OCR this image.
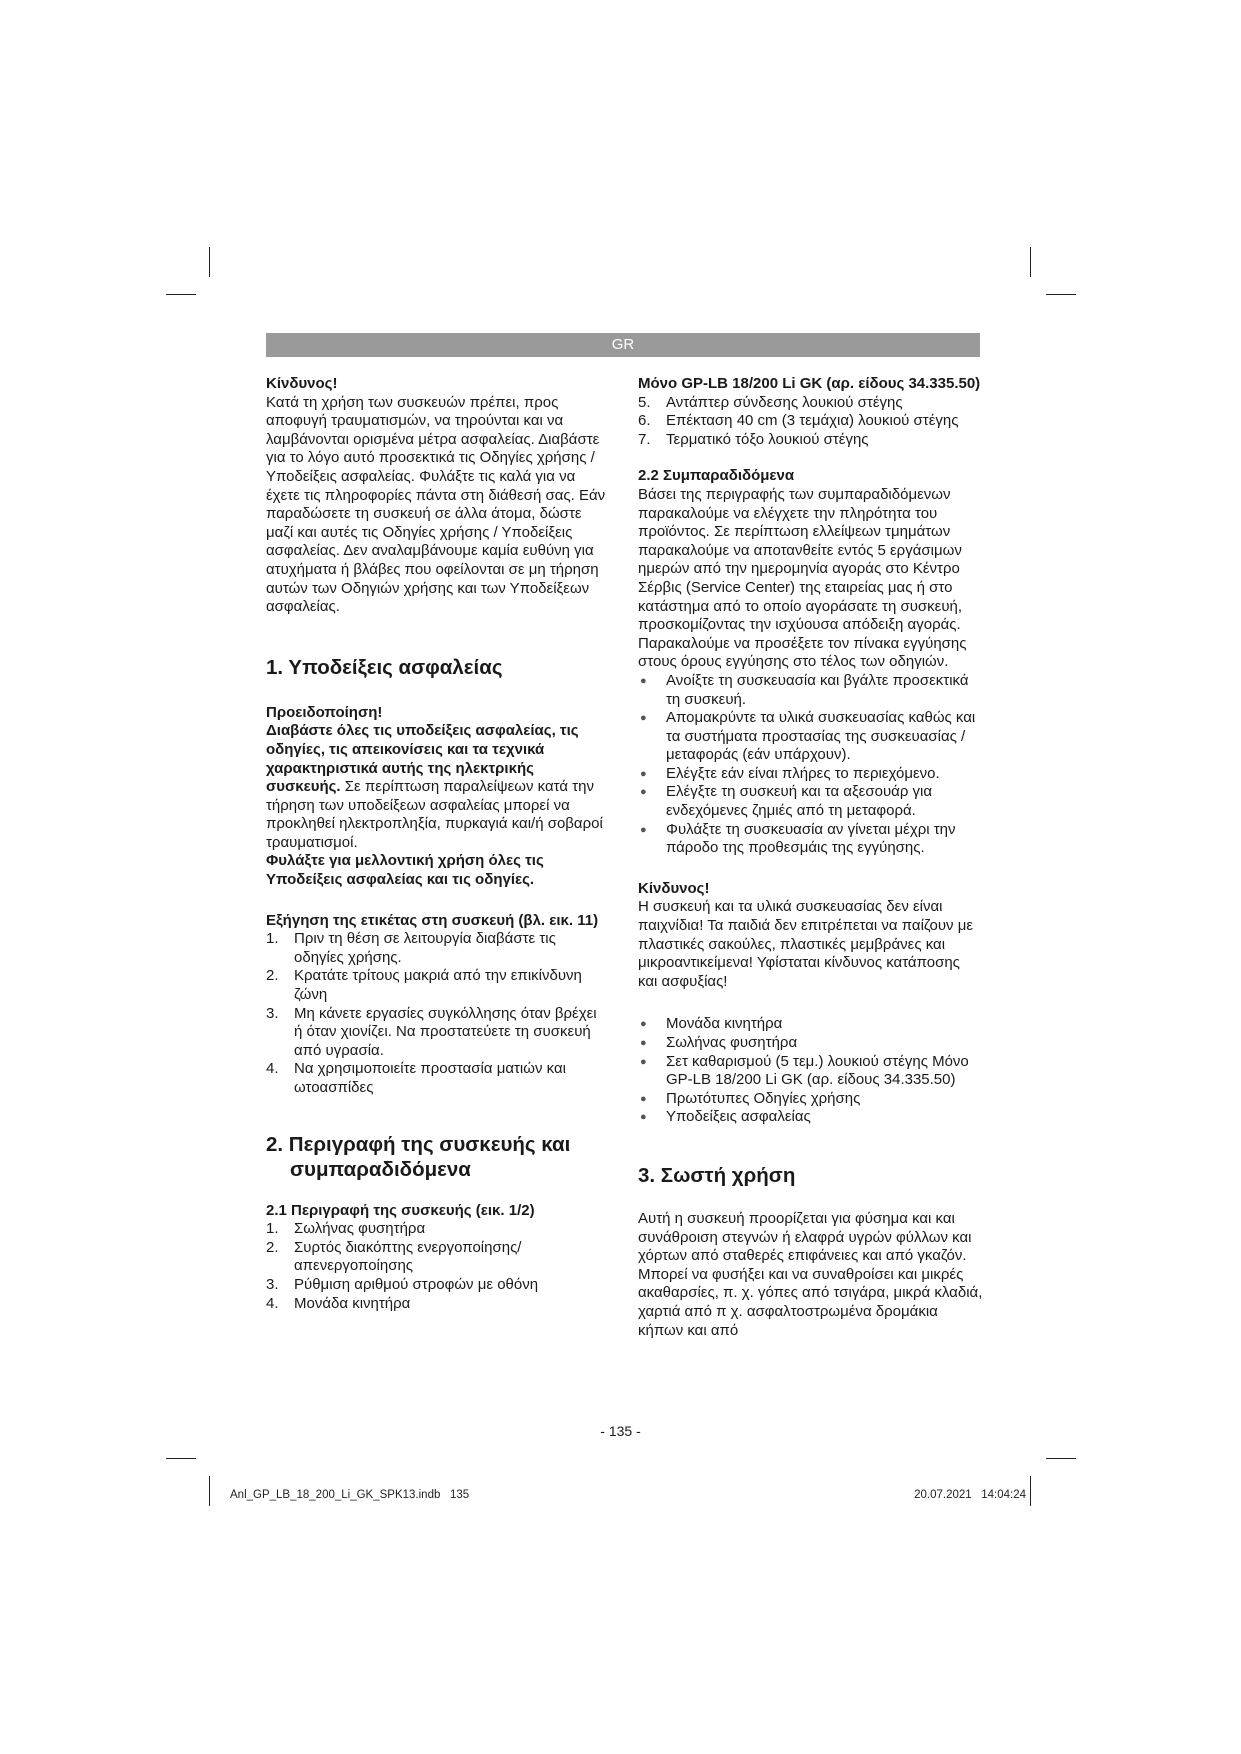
GR

Κίνδυνος!

Κατά τη χρήση των συσκευών πρέπει, προς αποφυγή τραυματισμών, να τηρούνται και να λαμβάνονται ορισμένα μέτρα ασφαλείας. Διαβάστε για το λόγο αυτό προσεκτικά τις Οδηγίες χρήσης / Υποδείξεις ασφαλείας. Φυλάξτε τις καλά για να έχετε τις πληροφορίες πάντα στη διάθεσή σας. Εάν παραδώσετε τη συσκευή σε άλλα άτομα, δώστε μαζί και αυτές τις Οδηγίες χρήσης / Υποδείξεις ασφαλείας. Δεν αναλαμβάνουμε καμία ευθύνη για ατυχήματα ή βλάβες που οφείλονται σε μη τήρηση αυτών των Οδηγιών χρήσης και των Υποδείξεων ασφαλείας.

1. Υποδείξεις ασφαλείας

Προειδοποίηση!

Διαβάστε όλες τις υποδείξεις ασφαλείας, τις οδηγίες, τις απεικονίσεις και τα τεχνικά χαρακτηριστικά αυτής της ηλεκτρικής συσκευής. Σε περίπτωση παραλείψεων κατά την τήρηση των υποδείξεων ασφαλείας μπορεί να προκληθεί ηλεκτροπληξία, πυρκαγιά και/ή σοβαροί τραυματισμοί.

Φυλάξτε για μελλοντική χρήση όλες τις Υποδείξεις ασφαλείας και τις οδηγίες.

Εξήγηση της ετικέτας στη συσκευή (βλ. εικ. 11)

1. Πριν τη θέση σε λειτουργία διαβάστε τις οδηγίες χρήσης.
2. Κρατάτε τρίτους μακριά από την επικίνδυνη ζώνη
3. Μη κάνετε εργασίες συγκόλλησης όταν βρέχει ή όταν χιονίζει. Να προστατεύετε τη συσκευή από υγρασία.
4. Να χρησιμοποιείτε προστασία ματιών και ωτοασπίδες
2. Περιγραφή της συσκευής και
συμπαραδιδόμενα

2.1 Περιγραφή της συσκευής (εικ. 1/2)

1. Σωλήνας φυσητήρα
2. Συρτός διακόπτης ενεργοποίησης/ απενεργοποίησης
3. Ρύθμιση αριθμού στροφών με οθόνη
4. Μονάδα κινητήρα

Μόνο GP-LB 18/200 Li GK (αρ. είδους 34.335.50)

5. Αντάπτερ σύνδεσης λουκιού στέγης
6. Επέκταση 40 cm (3 τεμάχια) λουκιού στέγης
7. Τερματικό τόξο λουκιού στέγης

2.2 Συμπαραδιδόμενα

Βάσει της περιγραφής των συμπαραδιδόμενων παρακαλούμε να ελέγχετε την πληρότητα του προϊόντος. Σε περίπτωση ελλείψεων τμημάτων παρακαλούμε να αποτανθείτε εντός 5 εργάσιμων ημερών από την ημερομηνία αγοράς στο Κέντρο Σέρβις (Service Center) της εταιρείας μας ή στο κατάστημα από το οποίο αγοράσατε τη συσκευή, προσκομίζοντας την ισχύουσα απόδειξη αγοράς. Παρακαλούμε να προσέξετε τον πίνακα εγγύησης στους όρους εγγύησης στο τέλος των οδηγιών.

● Ανοίξτε τη συσκευασία και βγάλτε προσεκτικά τη συσκευή.
● Απομακρύντε τα υλικά συσκευασίας καθώς και τα συστήματα προστασίας της συσκευασίας / μεταφοράς (εάν υπάρχουν).
● Ελέγξτε εάν είναι πλήρες το περιεχόμενο.
● Ελέγξτε τη συσκευή και τα αξεσουάρ για ενδεχόμενες ζημιές από τη μεταφορά.
● Φυλάξτε τη συσκευασία αν γίνεται μέχρι την πάροδο της προθεσμάις της εγγύησης.

Κίνδυνος!

Η συσκευή και τα υλικά συσκευασίας δεν είναι παιχνίδια! Τα παιδιά δεν επιτρέπεται να παίζουν με πλαστικές σακούλες, πλαστικές μεμβράνες και μικροαντικείμενα! Υφίσταται κίνδυνος κατάποσης και ασφυξίας!

● Μονάδα κινητήρα
● Σωλήνας φυσητήρα
● Σετ καθαρισμού (5 τεμ.) λουκιού στέγης Μόνο GP-LB 18/200 Li GK (αρ. είδους 34.335.50)
● Πρωτότυπες Οδηγίες χρήσης
● Υποδείξεις ασφαλείας
3. Σωστή χρήση

Αυτή η συσκευή προορίζεται για φύσημα και και συνάθροιση στεγνών ή ελαφρά υγρών φύλλων και χόρτων από σταθερές επιφάνειες και από γκαζόν. Μπορεί να φυσήξει και να συναθροίσει και μικρές ακαθαρσίες, π. χ. γόπες από τσιγάρα, μικρά κλαδιά, χαρτιά από π χ. ασφαλτοστρωμένα δρομάκια κήπων και από

- 135 -
Anl_GP_LB_18_200_Li_GK_SPK13.indb   135	20.07.2021   14:04:24
